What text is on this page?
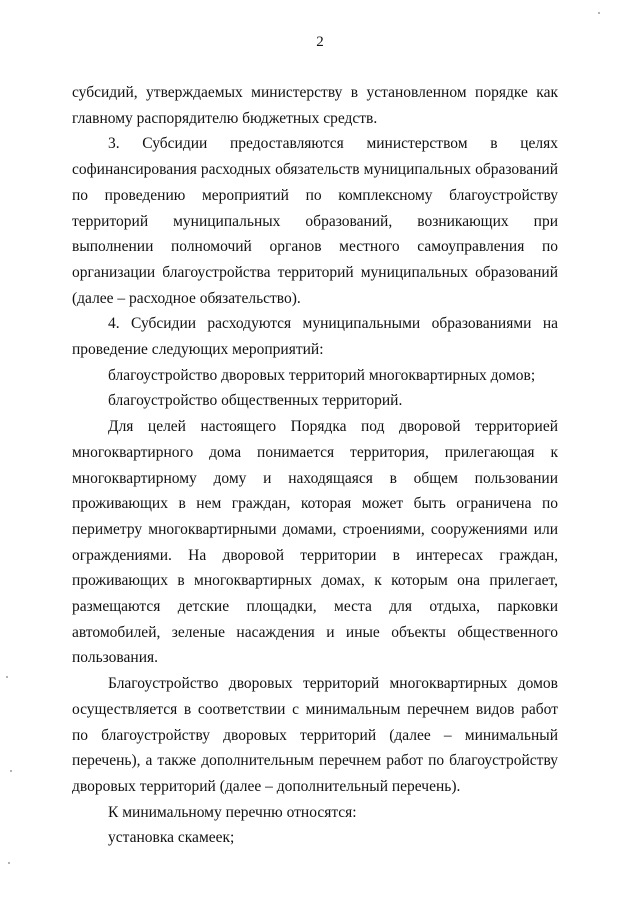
2

субсидий, утверждаемых министерству в установленном порядке как главному распорядителю бюджетных средств.

3. Субсидии предоставляются министерством в целях софинансирования расходных обязательств муниципальных образований по проведению мероприятий по комплексному благоустройству территорий муниципальных образований, возникающих при выполнении полномочий органов местного самоуправления по организации благоустройства территорий муниципальных образований (далее – расходное обязательство).

4. Субсидии расходуются муниципальными образованиями на проведение следующих мероприятий:

благоустройство дворовых территорий многоквартирных домов;

благоустройство общественных территорий.

Для целей настоящего Порядка под дворовой территорией многоквартирного дома понимается территория, прилегающая к многоквартирному дому и находящаяся в общем пользовании проживающих в нем граждан, которая может быть ограничена по периметру многоквартирными домами, строениями, сооружениями или ограждениями. На дворовой территории в интересах граждан, проживающих в многоквартирных домах, к которым она прилегает, размещаются детские площадки, места для отдыха, парковки автомобилей, зеленые насаждения и иные объекты общественного пользования.

Благоустройство дворовых территорий многоквартирных домов осуществляется в соответствии с минимальным перечнем видов работ по благоустройству дворовых территорий (далее – минимальный перечень), а также дополнительным перечнем работ по благоустройству дворовых территорий (далее – дополнительный перечень).

К минимальному перечню относятся:

установка скамеек;
